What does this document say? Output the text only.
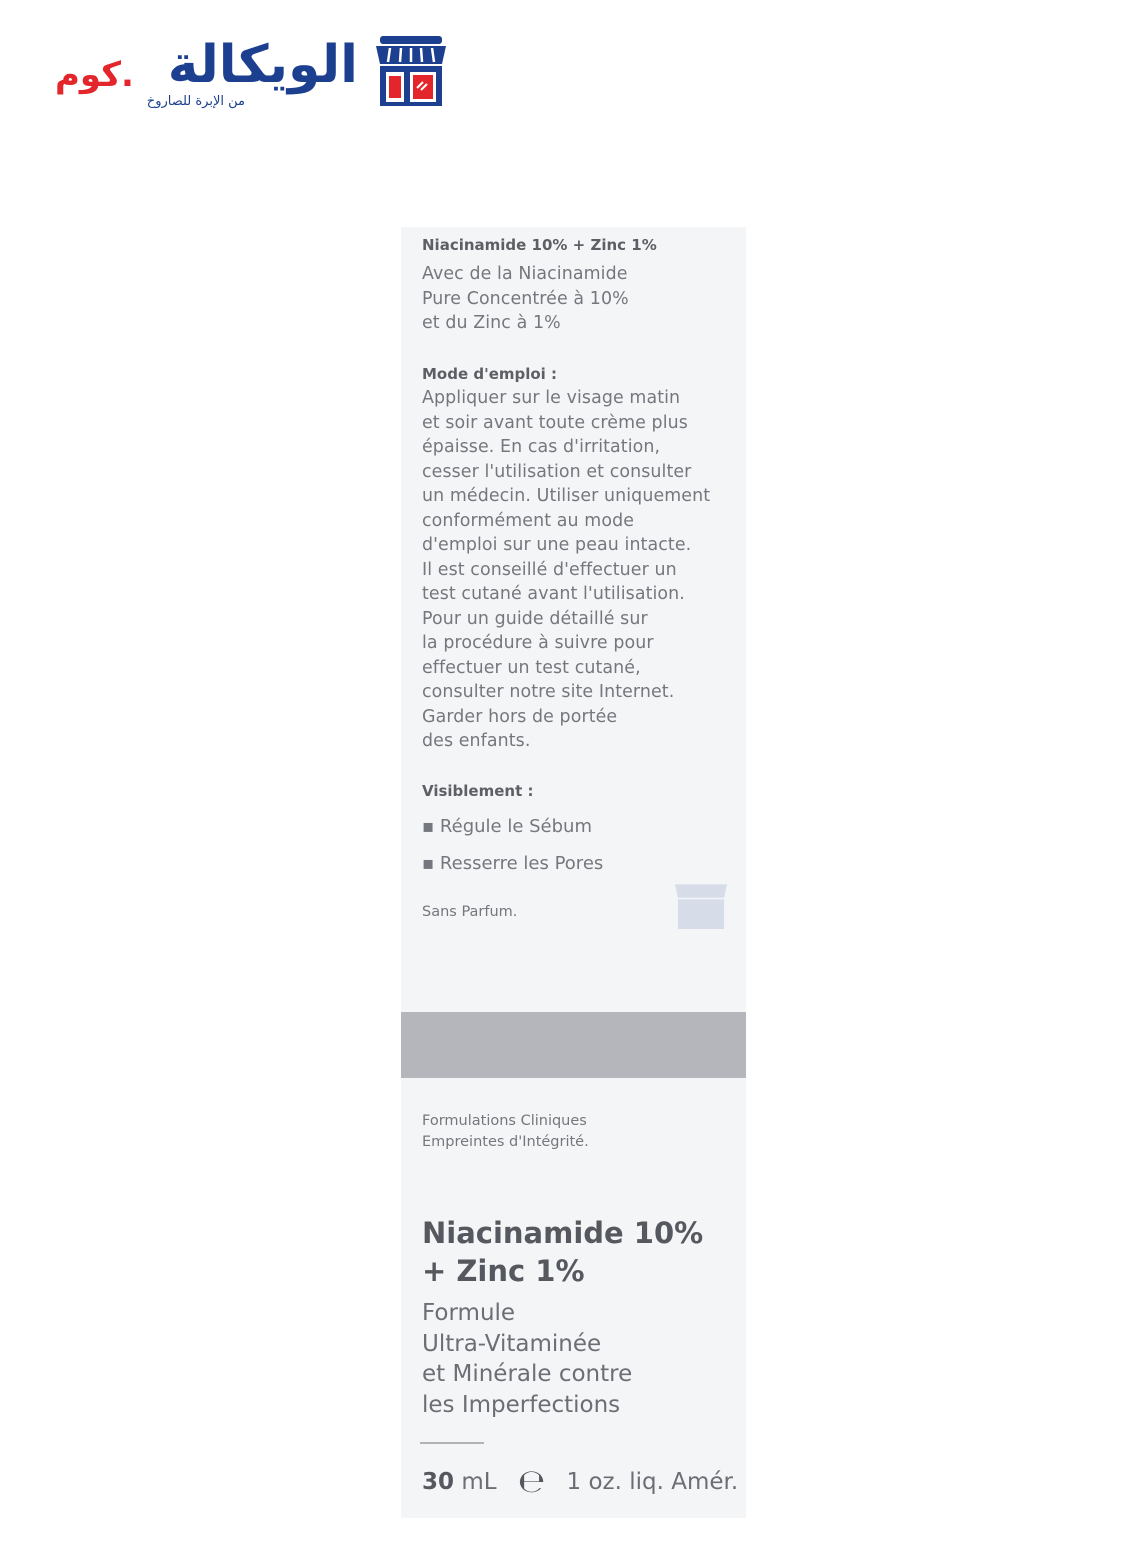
.كوم الويكالة
من الإبرة للصاروخ
Niacinamide 10% + Zinc 1%
Avec de la Niacinamide
Pure Concentrée à 10%
et du Zinc à 1%
Mode d'emploi :
Appliquer sur le visage matin
et soir avant toute crème plus
épaisse. En cas d'irritation,
cesser l'utilisation et consulter
un médecin. Utiliser uniquement
conformément au mode
d'emploi sur une peau intacte.
Il est conseillé d'effectuer un
test cutané avant l'utilisation.
Pour un guide détaillé sur
la procédure à suivre pour
effectuer un test cutané,
consulter notre site Internet.
Garder hors de portée
des enfants.
Visiblement :
▪ Régule le Sébum
▪ Resserre les Pores
Sans Parfum.
Formulations Cliniques
Empreintes d'Intégrité.
Niacinamide 10%
+ Zinc 1%
Formule
Ultra-Vitaminée
et Minérale contre
les Imperfections
30 mL ℮ 1 oz. liq. Amér.
